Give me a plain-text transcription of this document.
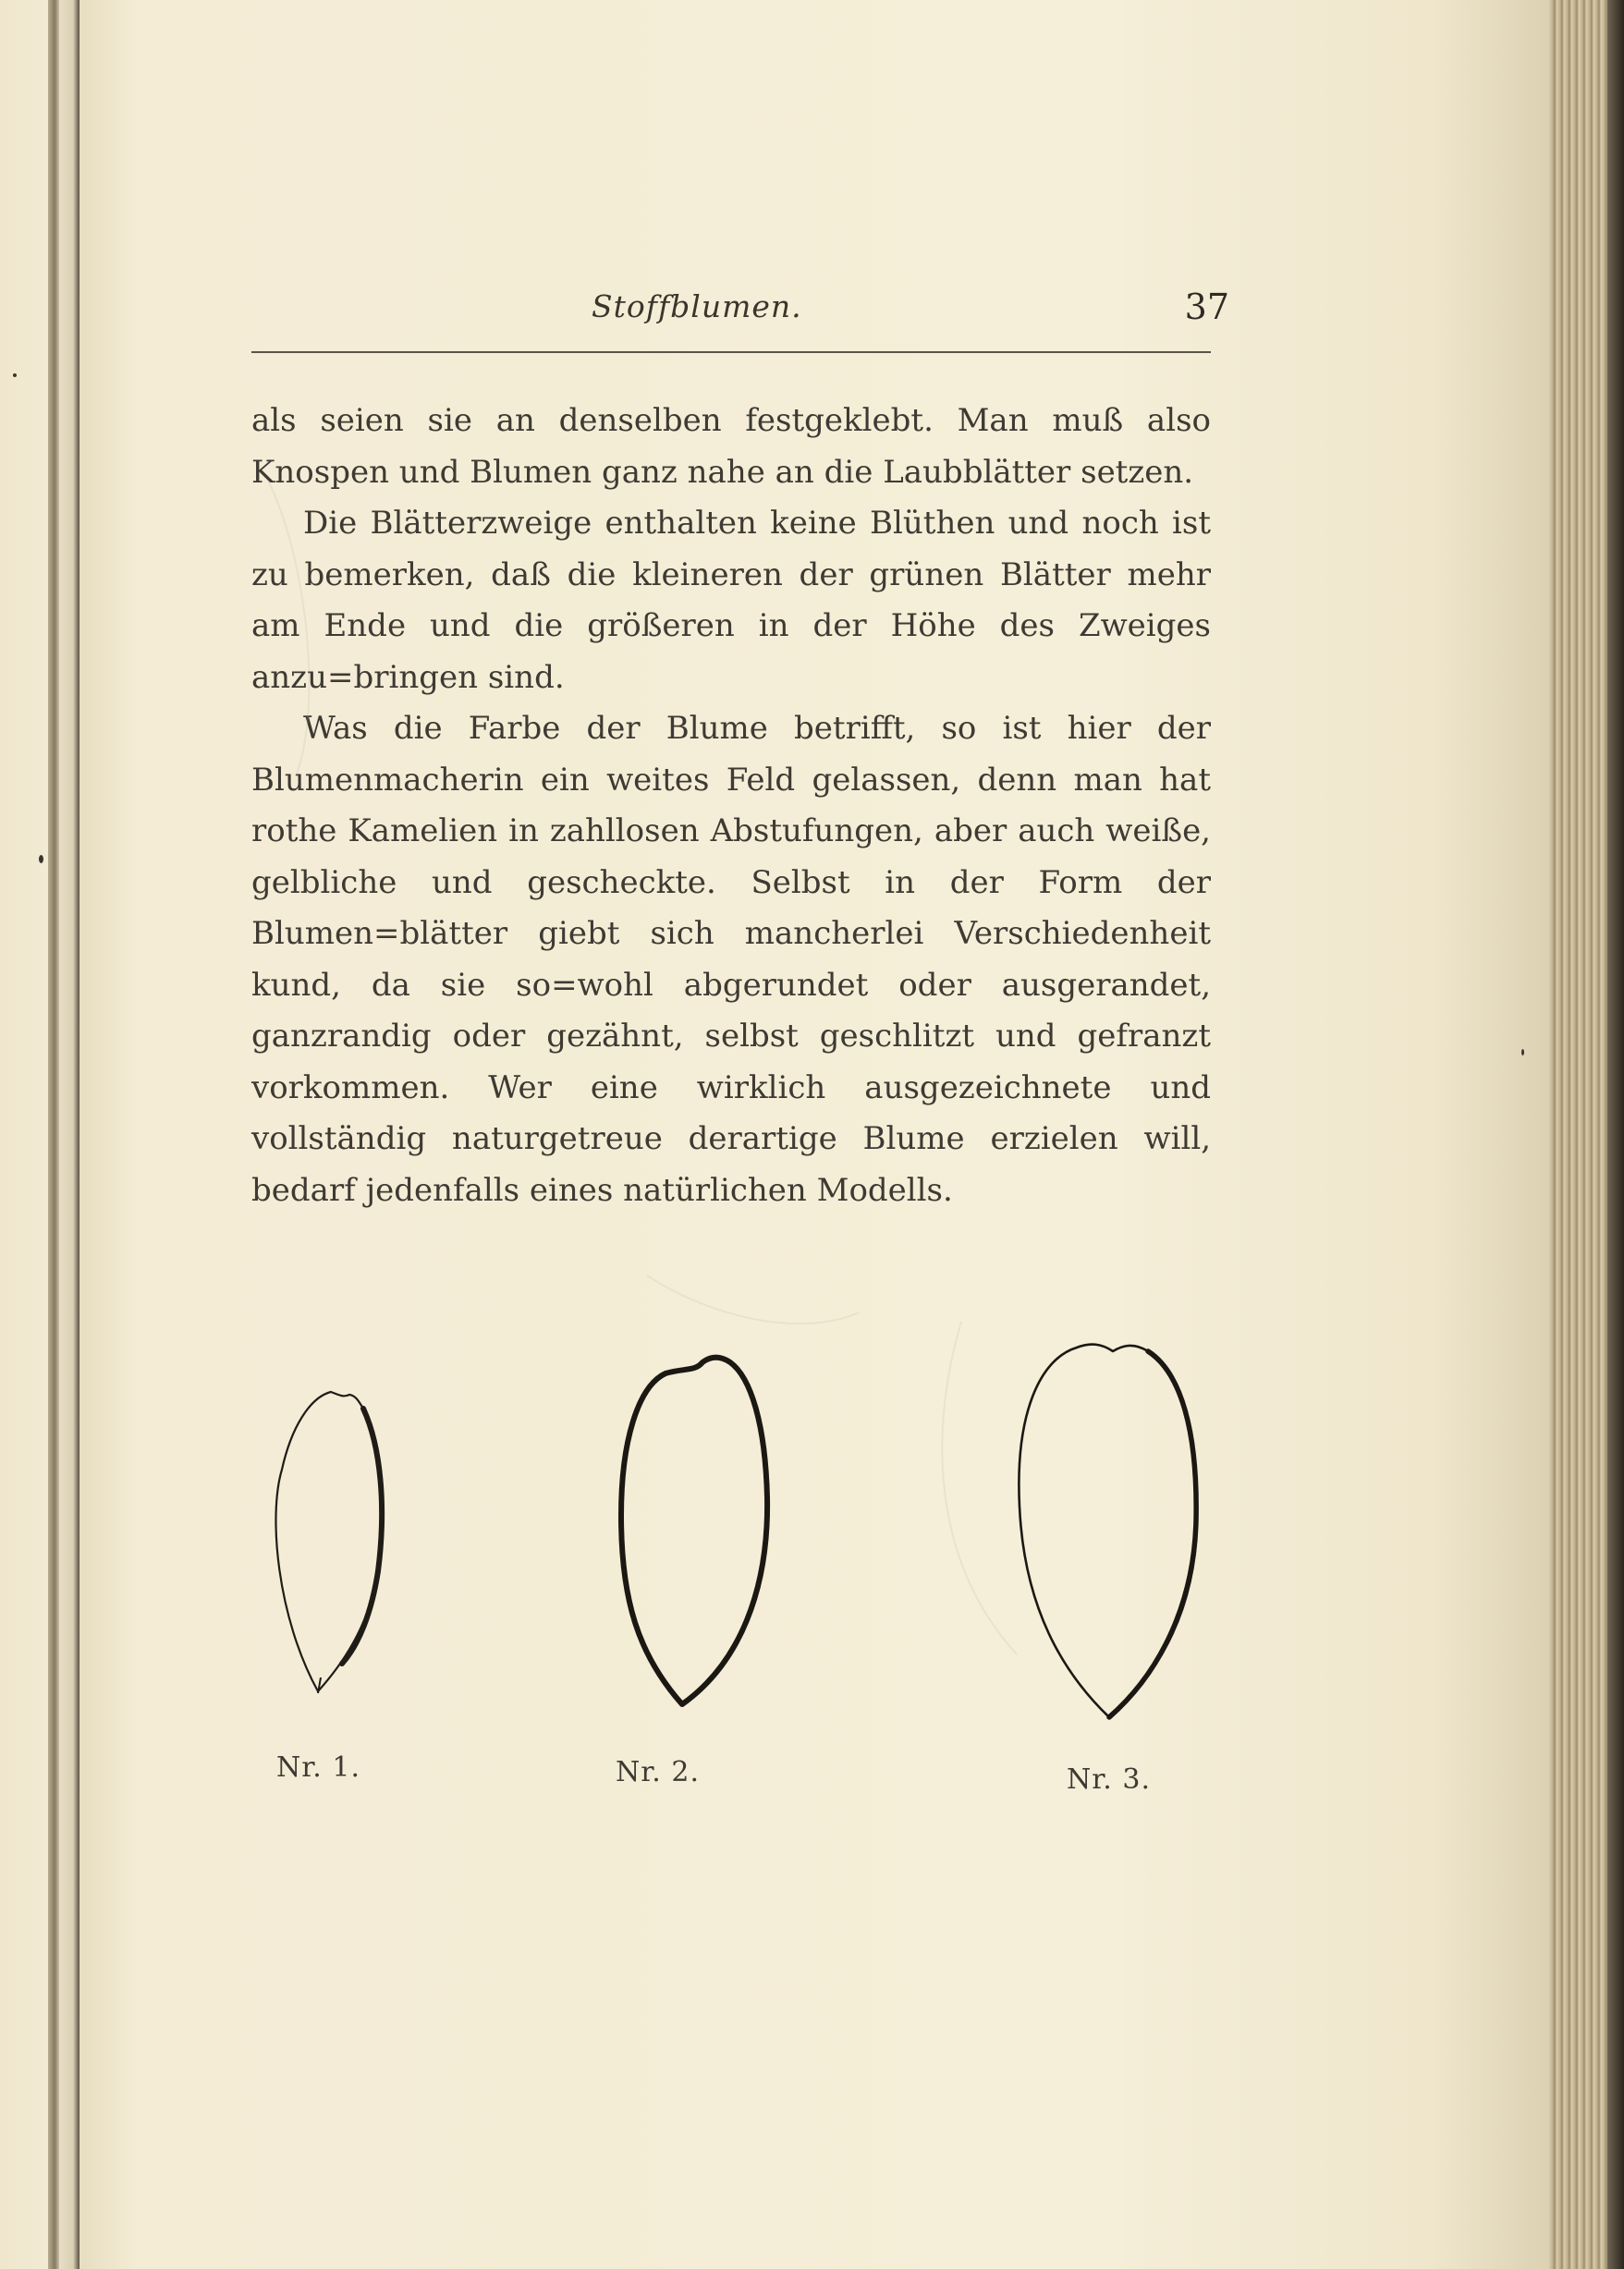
Stoffblumen.	37

als seien sie an denselben festgeklebt. Man muß also Knospen und Blumen ganz nahe an die Laubblätter setzen.

Die Blätterzweige enthalten keine Blüthen und noch ist zu bemerken, daß die kleineren der grünen Blätter mehr am Ende und die größeren in der Höhe des Zweiges anzu=bringen sind.

Was die Farbe der Blume betrifft, so ist hier der Blumenmacherin ein weites Feld gelassen, denn man hat rothe Kamelien in zahllosen Abstufungen, aber auch weiße, gelbliche und gescheckte. Selbst in der Form der Blumen=blätter giebt sich mancherlei Verschiedenheit kund, da sie so=wohl abgerundet oder ausgerandet, ganzrandig oder gezähnt, selbst geschlitzt und gefranzt vorkommen. Wer eine wirklich ausgezeichnete und vollständig naturgetreue derartige Blume erzielen will, bedarf jedenfalls eines natürlichen Modells.

Nr. 1.	Nr. 2.	Nr. 3.
